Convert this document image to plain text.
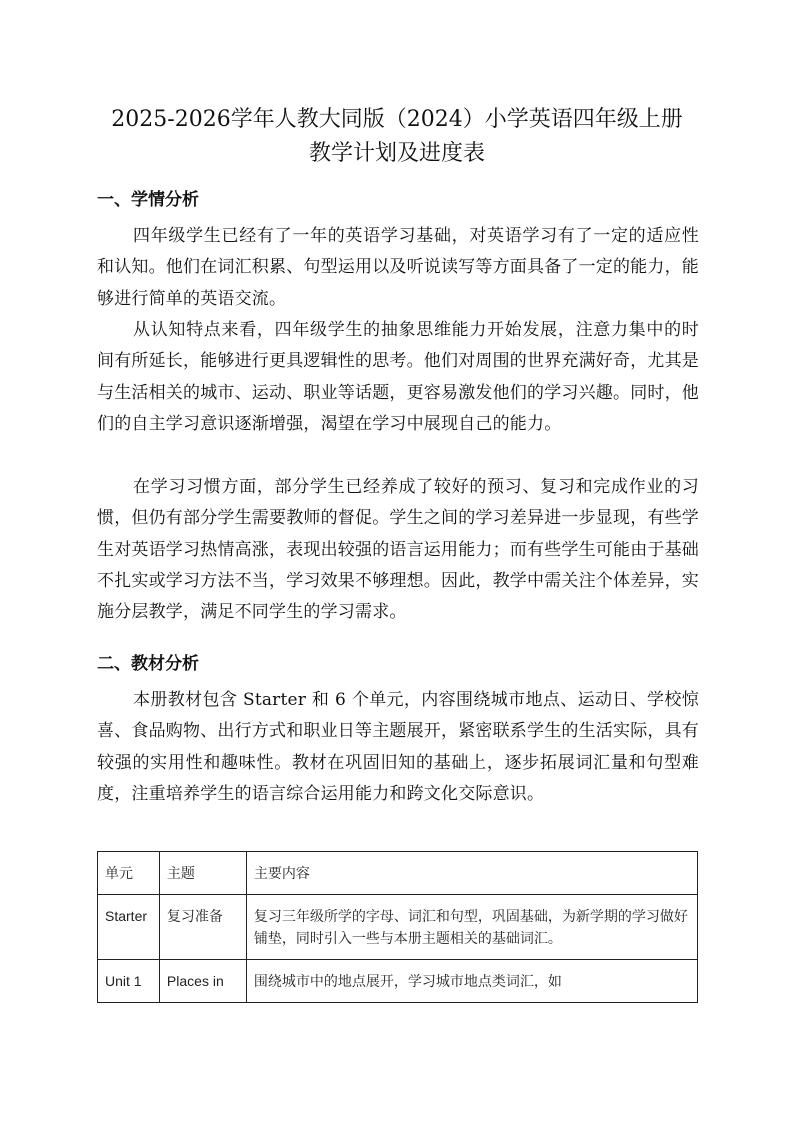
2025-2026学年人教大同版（2024）小学英语四年级上册
教学计划及进度表
一、学情分析

四年级学生已经有了一年的英语学习基础，对英语学习有了一定的适应性和认知。他们在词汇积累、句型运用以及听说读写等方面具备了一定的能力，能够进行简单的英语交流。

从认知特点来看，四年级学生的抽象思维能力开始发展，注意力集中的时间有所延长，能够进行更具逻辑性的思考。他们对周围的世界充满好奇，尤其是与生活相关的城市、运动、职业等话题，更容易激发他们的学习兴趣。同时，他们的自主学习意识逐渐增强，渴望在学习中展现自己的能力。

在学习习惯方面，部分学生已经养成了较好的预习、复习和完成作业的习惯，但仍有部分学生需要教师的督促。学生之间的学习差异进一步显现，有些学生对英语学习热情高涨，表现出较强的语言运用能力；而有些学生可能由于基础不扎实或学习方法不当，学习效果不够理想。因此，教学中需关注个体差异，实施分层教学，满足不同学生的学习需求。

二、教材分析

本册教材包含 Starter 和 6 个单元，内容围绕城市地点、运动日、学校惊喜、食品购物、出行方式和职业日等主题展开，紧密联系学生的生活实际，具有较强的实用性和趣味性。教材在巩固旧知的基础上，逐步拓展词汇量和句型难度，注重培养学生的语言综合运用能力和跨文化交际意识。

单元	主题	主要内容
Starter	复习准备	复习三年级所学的字母、词汇和句型，巩固基础，为新学期的学习做好铺垫，同时引入一些与本册主题相关的基础词汇。
Unit 1	Places in	围绕城市中的地点展开，学习城市地点类词汇，如
